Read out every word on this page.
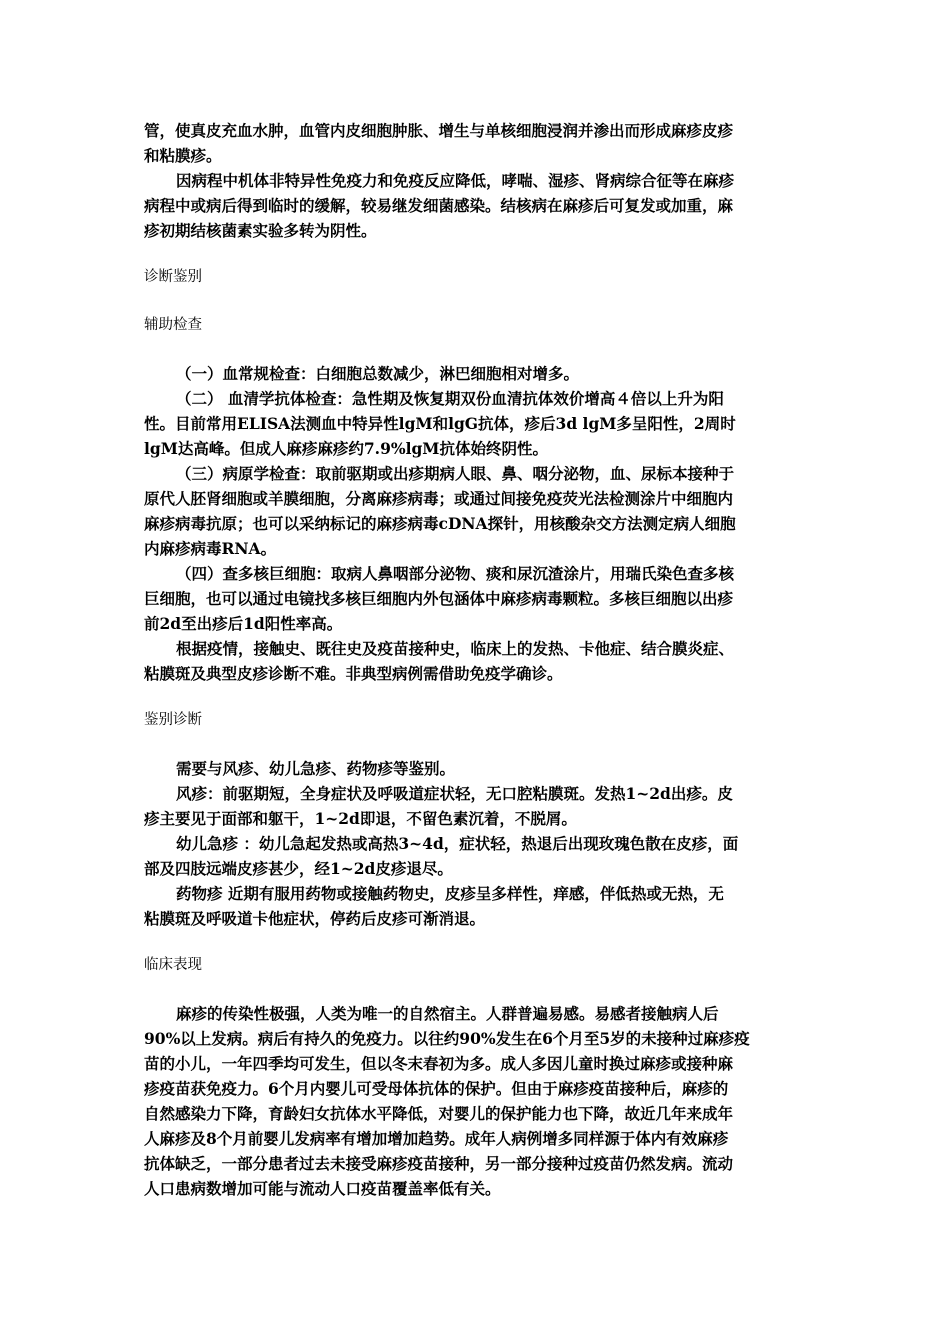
管，使真皮充血水肿，血管内皮细胞肿胀、增生与单核细胞浸润并渗出而形成麻疹皮疹
和粘膜疹。
因病程中机体非特异性免疫力和免疫反应降低，哮喘、湿疹、肾病综合征等在麻疹
病程中或病后得到临时的缓解，较易继发细菌感染。结核病在麻疹后可复发或加重，麻
疹初期结核菌素实验多转为阴性。
诊断鉴别
辅助检查
（一）血常规检查：白细胞总数减少，淋巴细胞相对增多。
（二） 血清学抗体检查：急性期及恢复期双份血清抗体效价增高４倍以上升为阳
性。目前常用ELISA法测血中特异性lgM和lgG抗体，疹后3d lgM多呈阳性，2周时
lgM达高峰。但成人麻疹麻疹约7.9%lgM抗体始终阴性。
（三）病原学检查：取前驱期或出疹期病人眼、鼻、咽分泌物，血、尿标本接种于
原代人胚肾细胞或羊膜细胞，分离麻疹病毒；或通过间接免疫荧光法检测涂片中细胞内
麻疹病毒抗原；也可以采纳标记的麻疹病毒cDNA探针，用核酸杂交方法测定病人细胞
内麻疹病毒RNA。
（四）查多核巨细胞：取病人鼻咽部分泌物、痰和尿沉渣涂片，用瑞氏染色查多核
巨细胞，也可以通过电镜找多核巨细胞内外包涵体中麻疹病毒颗粒。多核巨细胞以出疹
前2d至出疹后1d阳性率高。
根据疫情，接触史、既往史及疫苗接种史，临床上的发热、卡他症、结合膜炎症、
粘膜斑及典型皮疹诊断不难。非典型病例需借助免疫学确诊。
鉴别诊断
需要与风疹、幼儿急疹、药物疹等鉴别。
风疹：前驱期短，全身症状及呼吸道症状轻，无口腔粘膜斑。发热1~2d出疹。皮
疹主要见于面部和躯干，1~2d即退，不留色素沉着，不脱屑。
幼儿急疹 ：幼儿急起发热或高热3~4d，症状轻，热退后出现玫瑰色散在皮疹，面
部及四肢远端皮疹甚少，经1~2d皮疹退尽。
药物疹 近期有服用药物或接触药物史，皮疹呈多样性，痒感，伴低热或无热，无
粘膜斑及呼吸道卡他症状，停药后皮疹可渐消退。
临床表现
麻疹的传染性极强，人类为唯一的自然宿主。人群普遍易感。易感者接触病人后
90%以上发病。病后有持久的免疫力。以往约90%发生在6个月至5岁的未接种过麻疹疫
苗的小儿，一年四季均可发生，但以冬末春初为多。成人多因儿童时换过麻疹或接种麻
疹疫苗获免疫力。6个月内婴儿可受母体抗体的保护。但由于麻疹疫苗接种后，麻疹的
自然感染力下降，育龄妇女抗体水平降低，对婴儿的保护能力也下降，故近几年来成年
人麻疹及8个月前婴儿发病率有增加增加趋势。成年人病例增多同样源于体内有效麻疹
抗体缺乏，一部分患者过去未接受麻疹疫苗接种，另一部分接种过疫苗仍然发病。流动
人口患病数增加可能与流动人口疫苗覆盖率低有关。
